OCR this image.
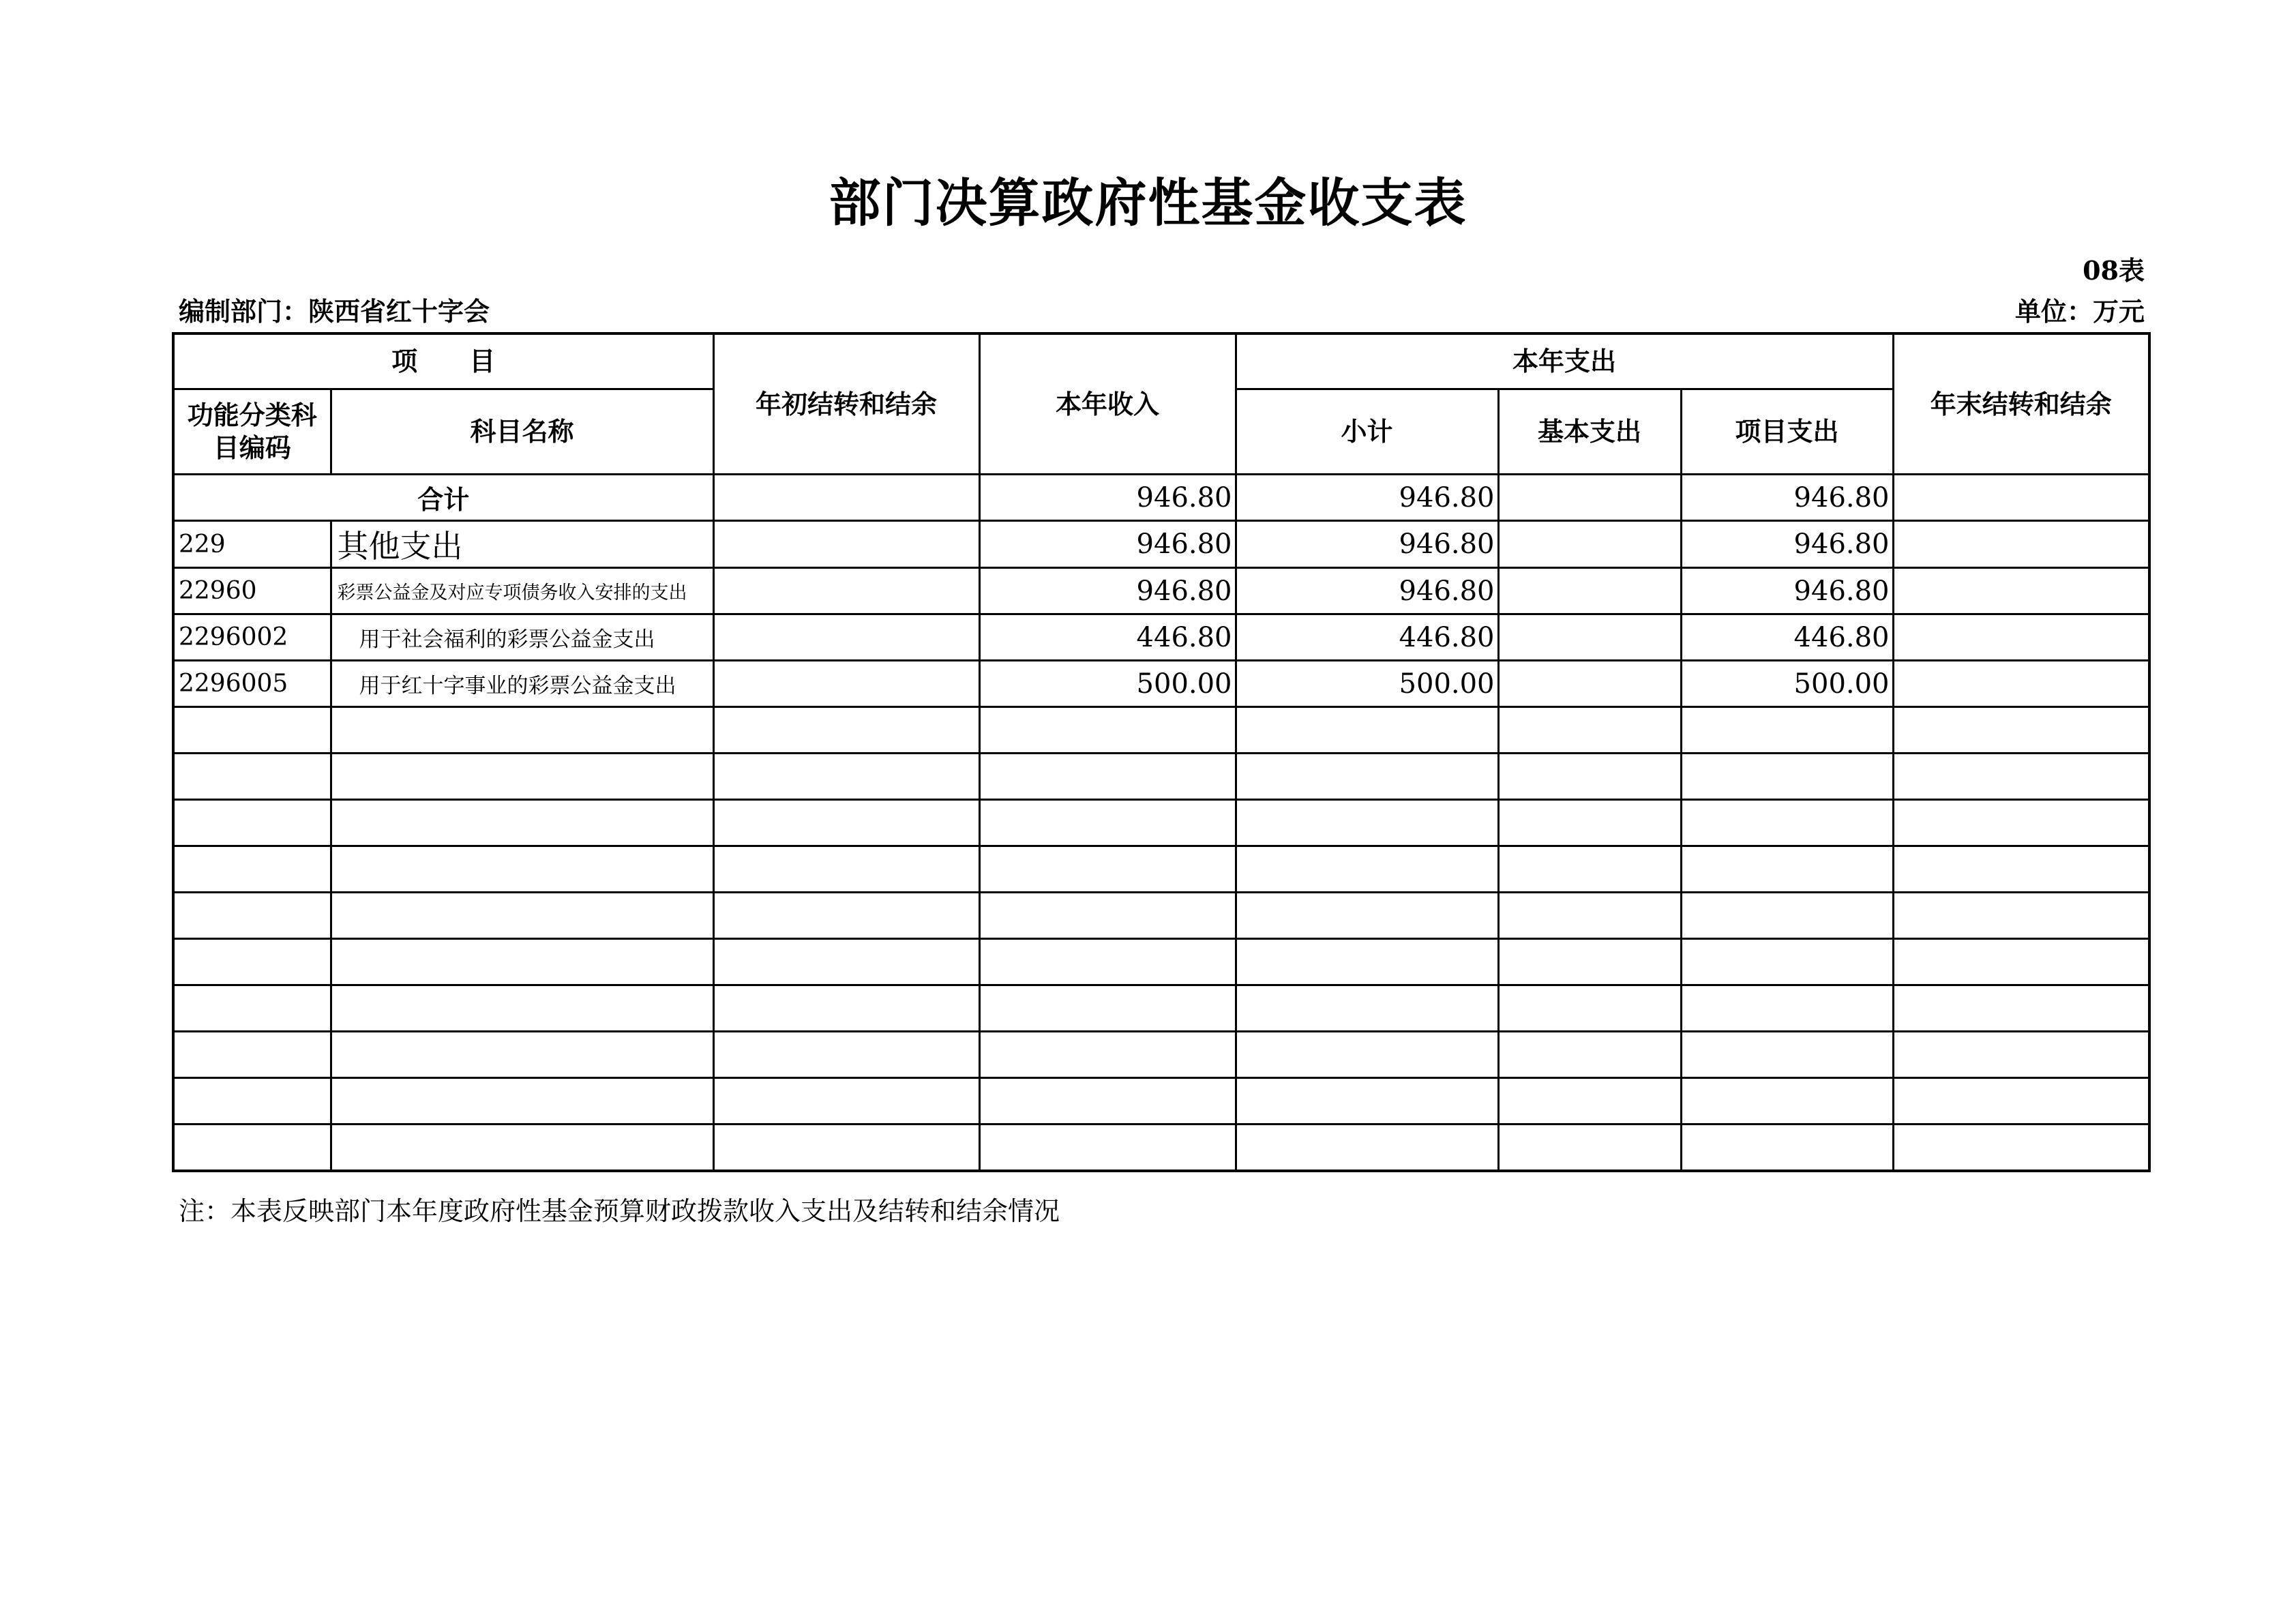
部门决算政府性基金收支表
08表
编制部门：陕西省红十字会	单位：万元
项　　目		年初结转和结余	本年收入	本年支出			年末结转和结余
功能分类科目编码	科目名称			小计	基本支出	项目支出	
合计			946.80	946.80		946.80	
229	其他支出		946.80	946.80		946.80	
22960	彩票公益金及对应专项债务收入安排的支出		946.80	946.80		946.80	
2296002	用于社会福利的彩票公益金支出		446.80	446.80		446.80	
2296005	用于红十字事业的彩票公益金支出		500.00	500.00		500.00	

注：本表反映部门本年度政府性基金预算财政拨款收入支出及结转和结余情况
